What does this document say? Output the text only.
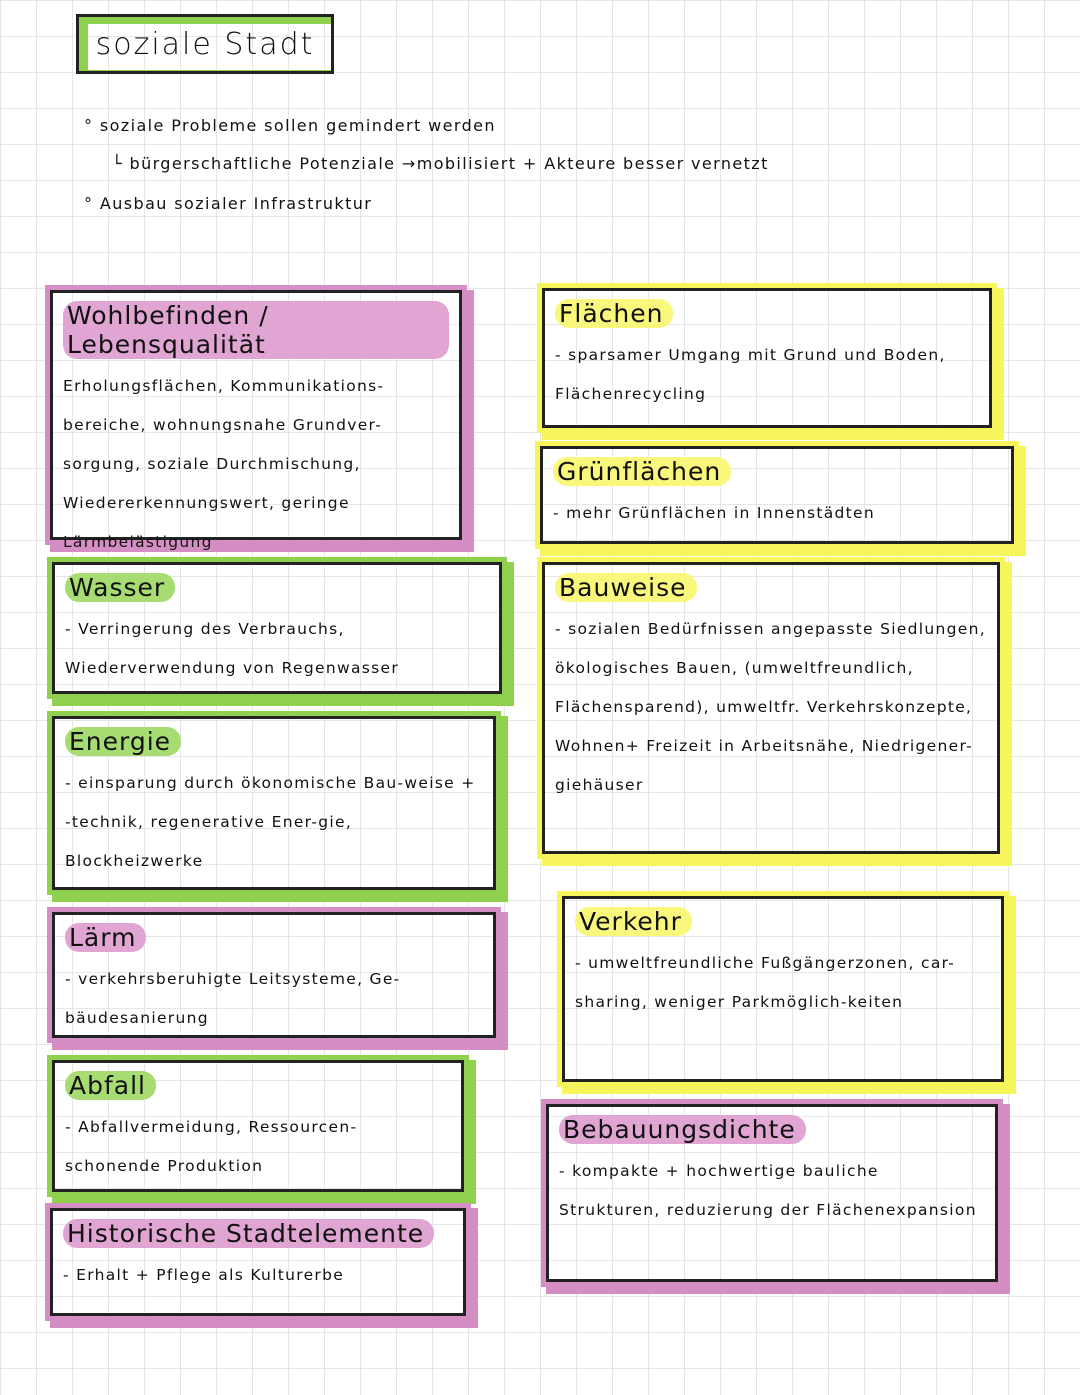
soziale Stadt
° soziale Probleme sollen gemindert werden
└ bürgerschaftliche Potenziale →mobilisiert + Akteure besser vernetzt
° Ausbau sozialer Infrastruktur
Wohlbefinden / Lebensqualität

Erholungsflächen, Kommunikations-bereiche, wohnungsnahe Grundver-sorgung, soziale Durchmischung, Wiedererkennungswert, geringe Lärmbelästigung

Wasser

- Verringerung des Verbrauchs, Wiederverwendung von Regenwasser

Energie

- einsparung durch ökonomische Bau-weise + -technik, regenerative Ener-gie, Blockheizwerke

Lärm

- verkehrsberuhigte Leitsysteme, Ge-bäudesanierung

Abfall

- Abfallvermeidung, Ressourcen-schonende Produktion

Historische Stadtelemente

- Erhalt + Pflege als Kulturerbe

Flächen

- sparsamer Umgang mit Grund und Boden, Flächenrecycling

Grünflächen

- mehr Grünflächen in Innenstädten

Bauweise

- sozialen Bedürfnissen angepasste Siedlungen, ökologisches Bauen, (umweltfreundlich, Flächensparend), umweltfr. Verkehrskonzepte, Wohnen+ Freizeit in Arbeitsnähe, Niedrigener-giehäuser

Verkehr

- umweltfreundliche Fußgängerzonen, car-sharing, weniger Parkmöglich-keiten

Bebauungsdichte

- kompakte + hochwertige bauliche Strukturen, reduzierung der Flächenexpansion
